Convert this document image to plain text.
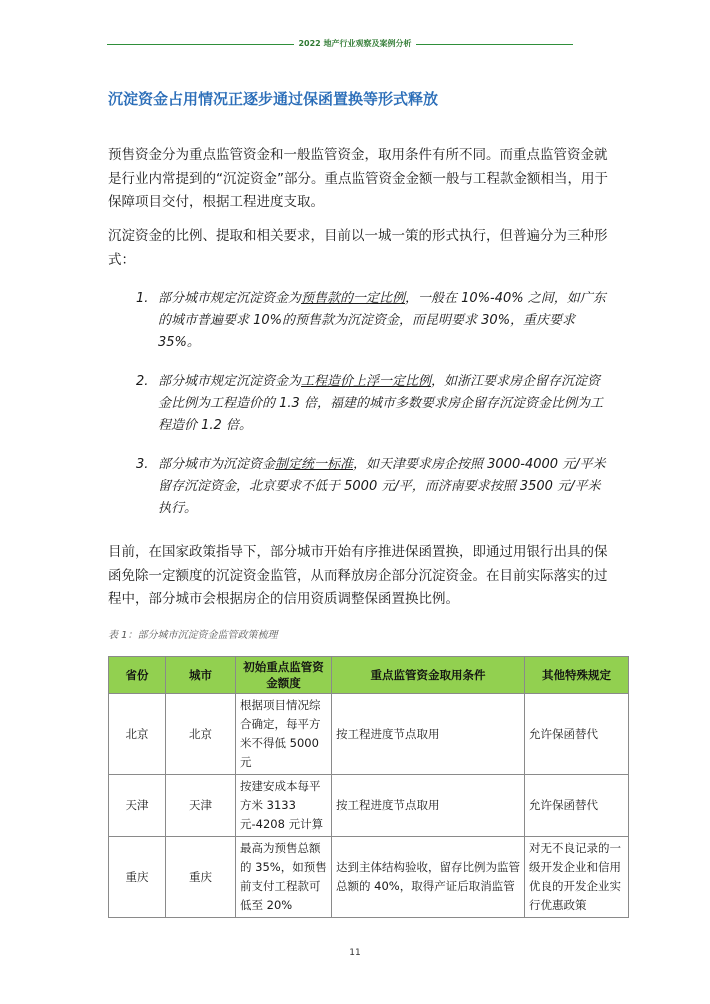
2022 地产行业观察及案例分析
沉淀资金占用情况正逐步通过保函置换等形式释放
预售资金分为重点监管资金和一般监管资金，取用条件有所不同。而重点监管资金就是行业内常提到的“沉淀资金”部分。重点监管资金金额一般与工程款金额相当，用于保障项目交付，根据工程进度支取。
沉淀资金的比例、提取和相关要求，目前以一城一策的形式执行，但普遍分为三种形式：
1. 部分城市规定沉淀资金为预售款的一定比例，一般在 10%-40% 之间，如广东的城市普遍要求 10%的预售款为沉淀资金，而昆明要求 30%，重庆要求 35%。
2. 部分城市规定沉淀资金为工程造价上浮一定比例，如浙江要求房企留存沉淀资金比例为工程造价的 1.3 倍，福建的城市多数要求房企留存沉淀资金比例为工程造价 1.2 倍。
3. 部分城市为沉淀资金制定统一标准，如天津要求房企按照 3000-4000 元/平米留存沉淀资金，北京要求不低于 5000 元/平，而济南要求按照 3500 元/平米执行。
目前，在国家政策指导下，部分城市开始有序推进保函置换，即通过用银行出具的保函免除一定额度的沉淀资金监管，从而释放房企部分沉淀资金。在目前实际落实的过程中，部分城市会根据房企的信用资质调整保函置换比例。
表 1：部分城市沉淀资金监管政策梳理
省份	城市	初始重点监管资金额度	重点监管资金取用条件	其他特殊规定
北京	北京	根据项目情况综合确定，每平方米不得低 5000 元	按工程进度节点取用	允许保函替代
天津	天津	按建安成本每平方米 3133 元-4208 元计算	按工程进度节点取用	允许保函替代
重庆	重庆	最高为预售总额的 35%，如预售前支付工程款可低至 20%	达到主体结构验收，留存比例为监管总额的 40%，取得产证后取消监管	对无不良记录的一级开发企业和信用优良的开发企业实行优惠政策
11
